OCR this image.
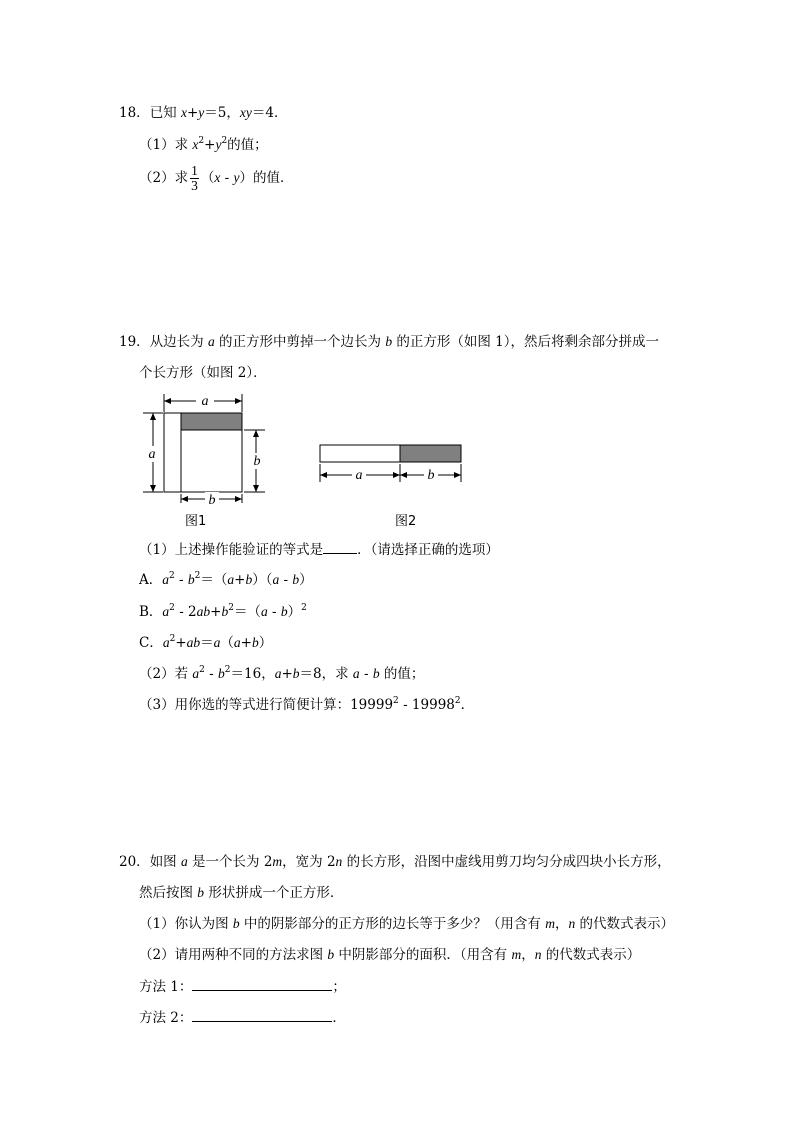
18．已知 x+y＝5，xy＝4．
（1）求 $x^2+y^2$的值；
（2）求 $\frac{1}{3} (x - y)$的值．
19．从边长为 a 的正方形中剪掉一个边长为 b 的正方形（如图 1），然后将剩余部分拼成一
个长方形（如图 2）．
a
a	b
b
图1
a	b
图2
（1）上述操作能验证的等式是	．（请选择正确的选项）
A．$a^2 - b^2=(a+b)(a - b)$
B．$a^2 - 2ab+b^2=(a - b)^2$
C．$a^2+ab=a(a+b)$
（2）若 $a^2 - b^2=16$，a+b＝8，求 a - b 的值；
（3）用你选的等式进行简便计算：19999$^2$ - 19998$^2$．
20．如图 a 是一个长为 2m，宽为 2n 的长方形，沿图中虚线用剪刀均匀分成四块小长方形，
然后按图 b 形状拼成一个正方形．
（1）你认为图 b 中的阴影部分的正方形的边长等于多少？（用含有 m，n 的代数式表示）
（2）请用两种不同的方法求图 b 中阴影部分的面积．（用含有 m，n 的代数式表示）
方法 1：	；
方法 2：	．
